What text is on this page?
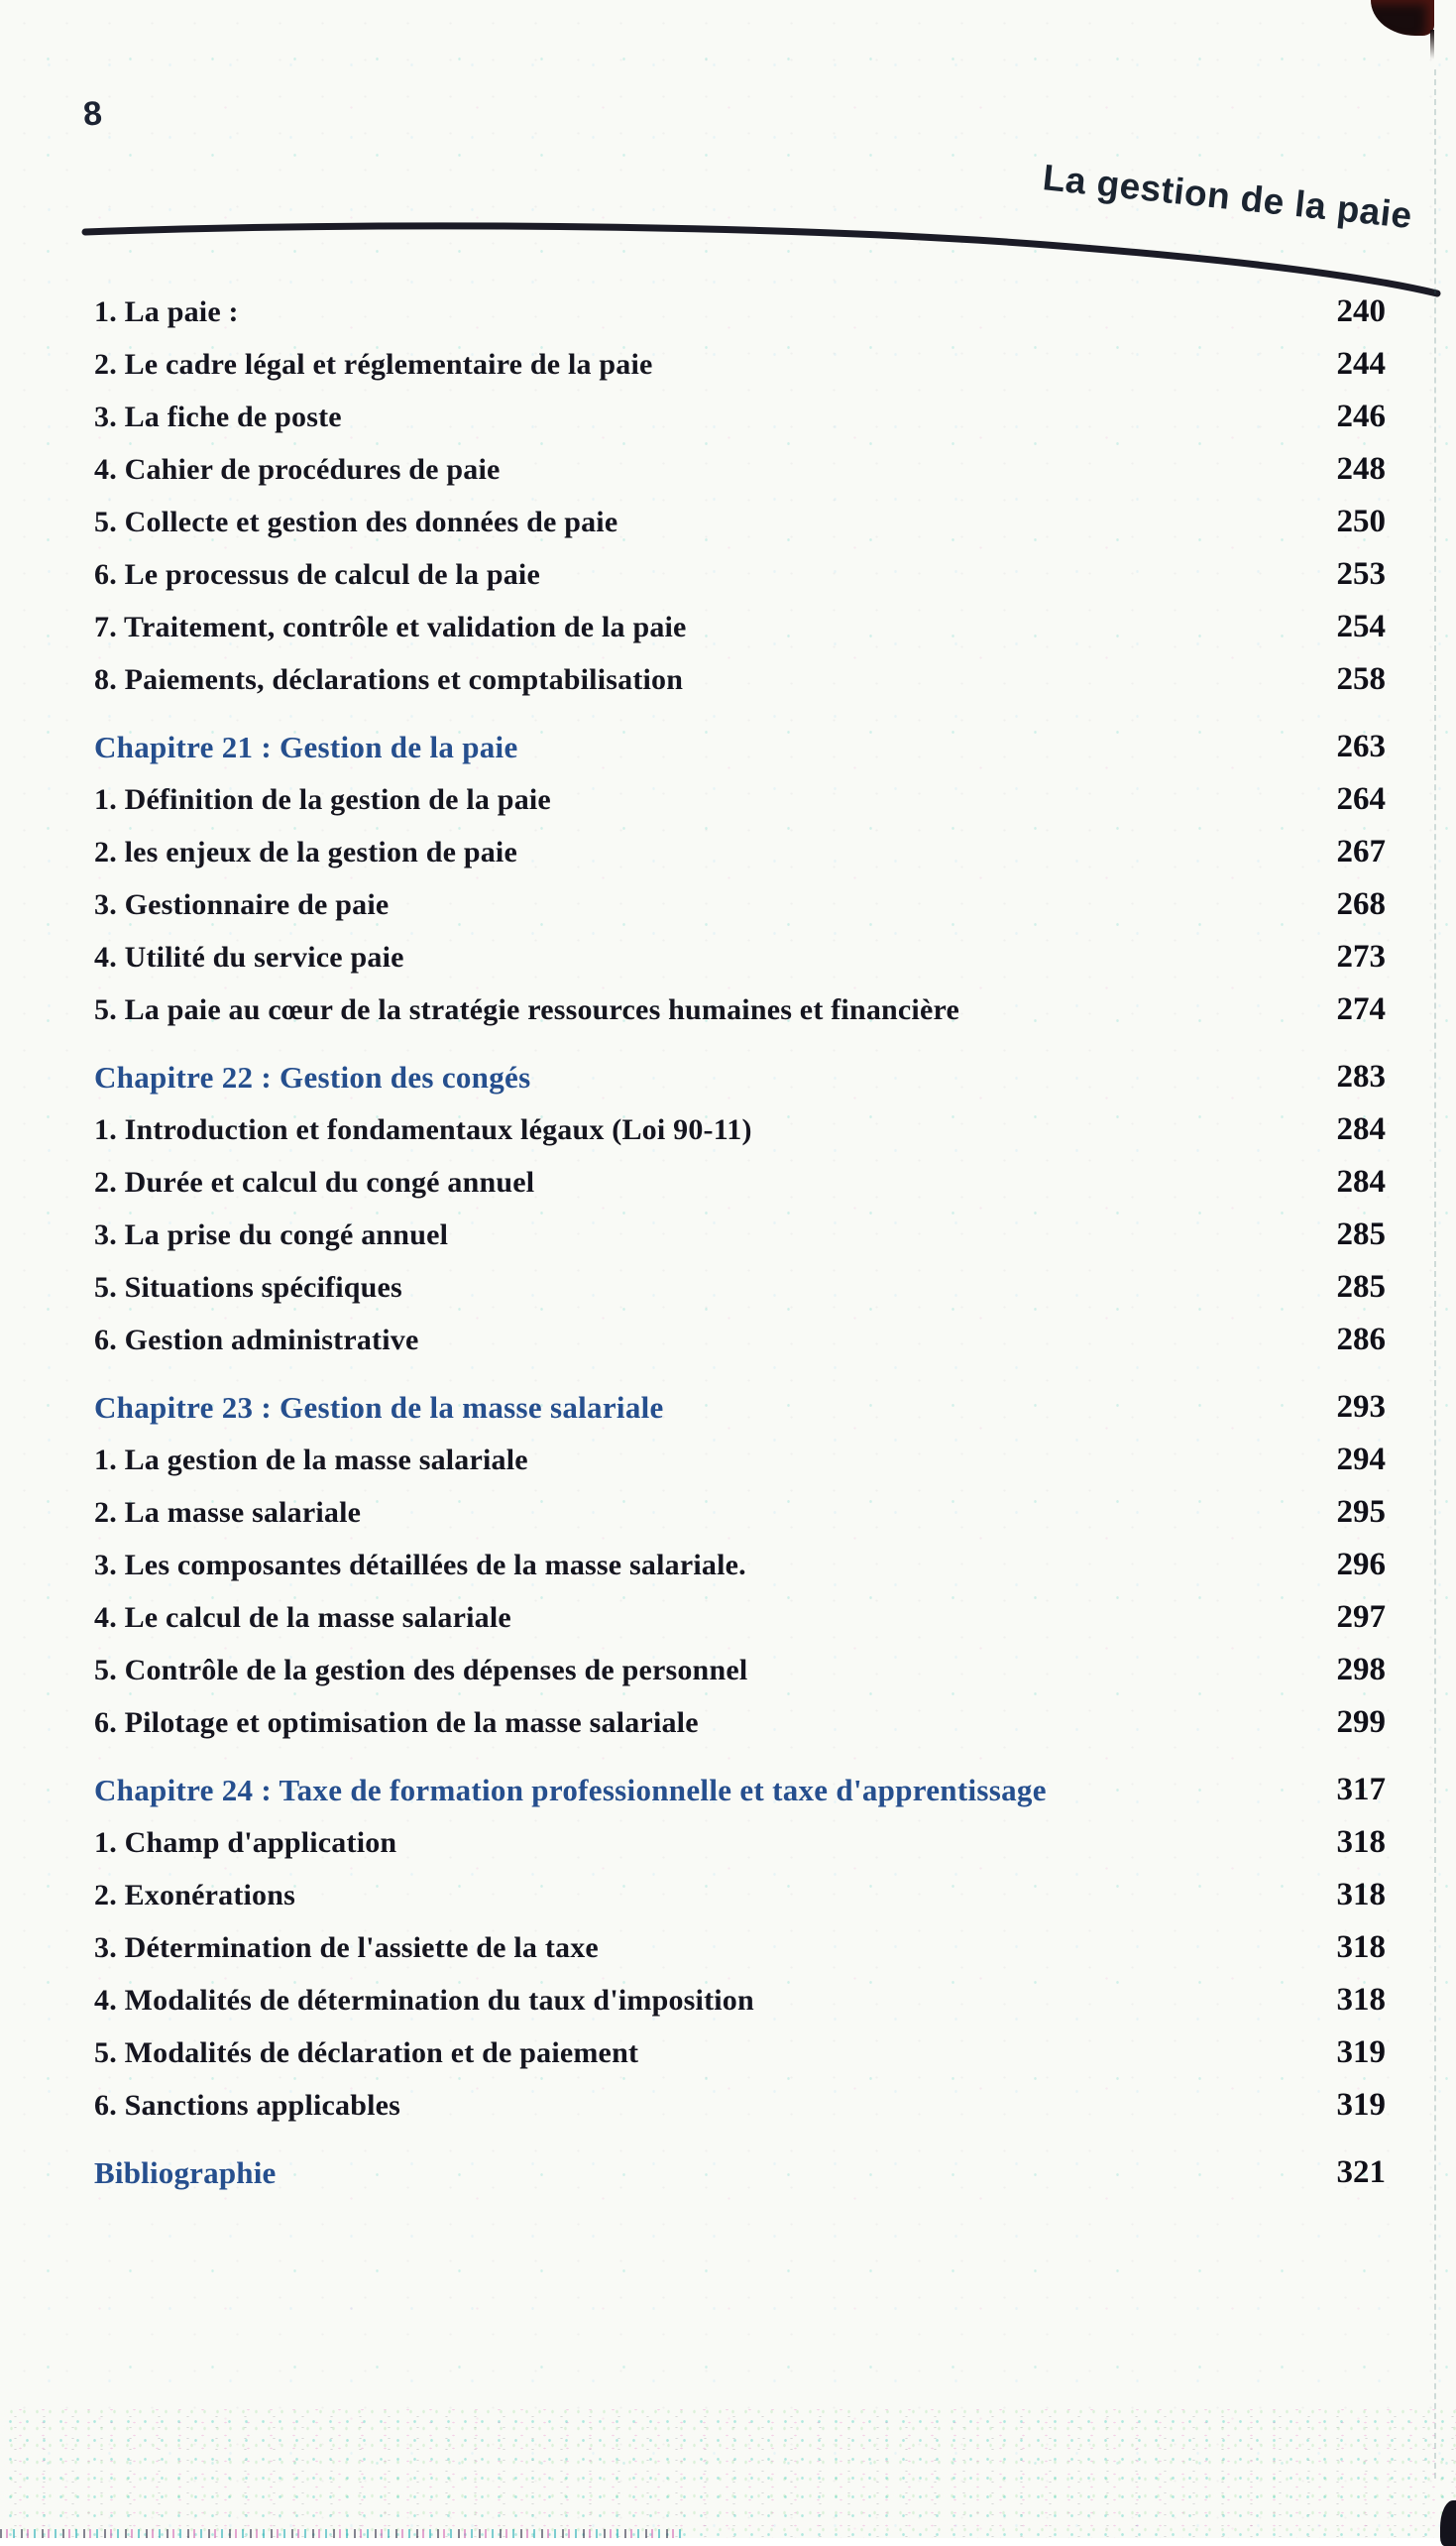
8
La gestion de la paie
1. La paie :	240
2. Le cadre légal et réglementaire de la paie	244
3. La fiche de poste	246
4. Cahier de procédures de paie	248
5. Collecte et gestion des données de paie	250
6. Le processus de calcul de la paie	253
7. Traitement, contrôle et validation de la paie	254
8. Paiements, déclarations et comptabilisation	258
Chapitre 21 : Gestion de la paie	263
1. Définition de la gestion de la paie	264
2. les enjeux de la gestion de paie	267
3. Gestionnaire de paie	268
4. Utilité du service paie	273
5. La paie au cœur de la stratégie ressources humaines et financière	274
Chapitre 22 : Gestion des congés	283
1. Introduction et fondamentaux légaux (Loi 90-11)	284
2. Durée et calcul du congé annuel	284
3. La prise du congé annuel	285
5. Situations spécifiques	285
6. Gestion administrative	286
Chapitre 23 : Gestion de la masse salariale	293
1. La gestion de la masse salariale	294
2. La masse salariale	295
3. Les composantes détaillées de la masse salariale.	296
4. Le calcul de la masse salariale	297
5. Contrôle de la gestion des dépenses de personnel	298
6. Pilotage et optimisation de la masse salariale	299
Chapitre 24 : Taxe de formation professionnelle et taxe d'apprentissage	317
1. Champ d'application	318
2. Exonérations	318
3. Détermination de l'assiette de la taxe	318
4. Modalités de détermination du taux d'imposition	318
5. Modalités de déclaration et de paiement	319
6. Sanctions applicables	319
Bibliographie	321
